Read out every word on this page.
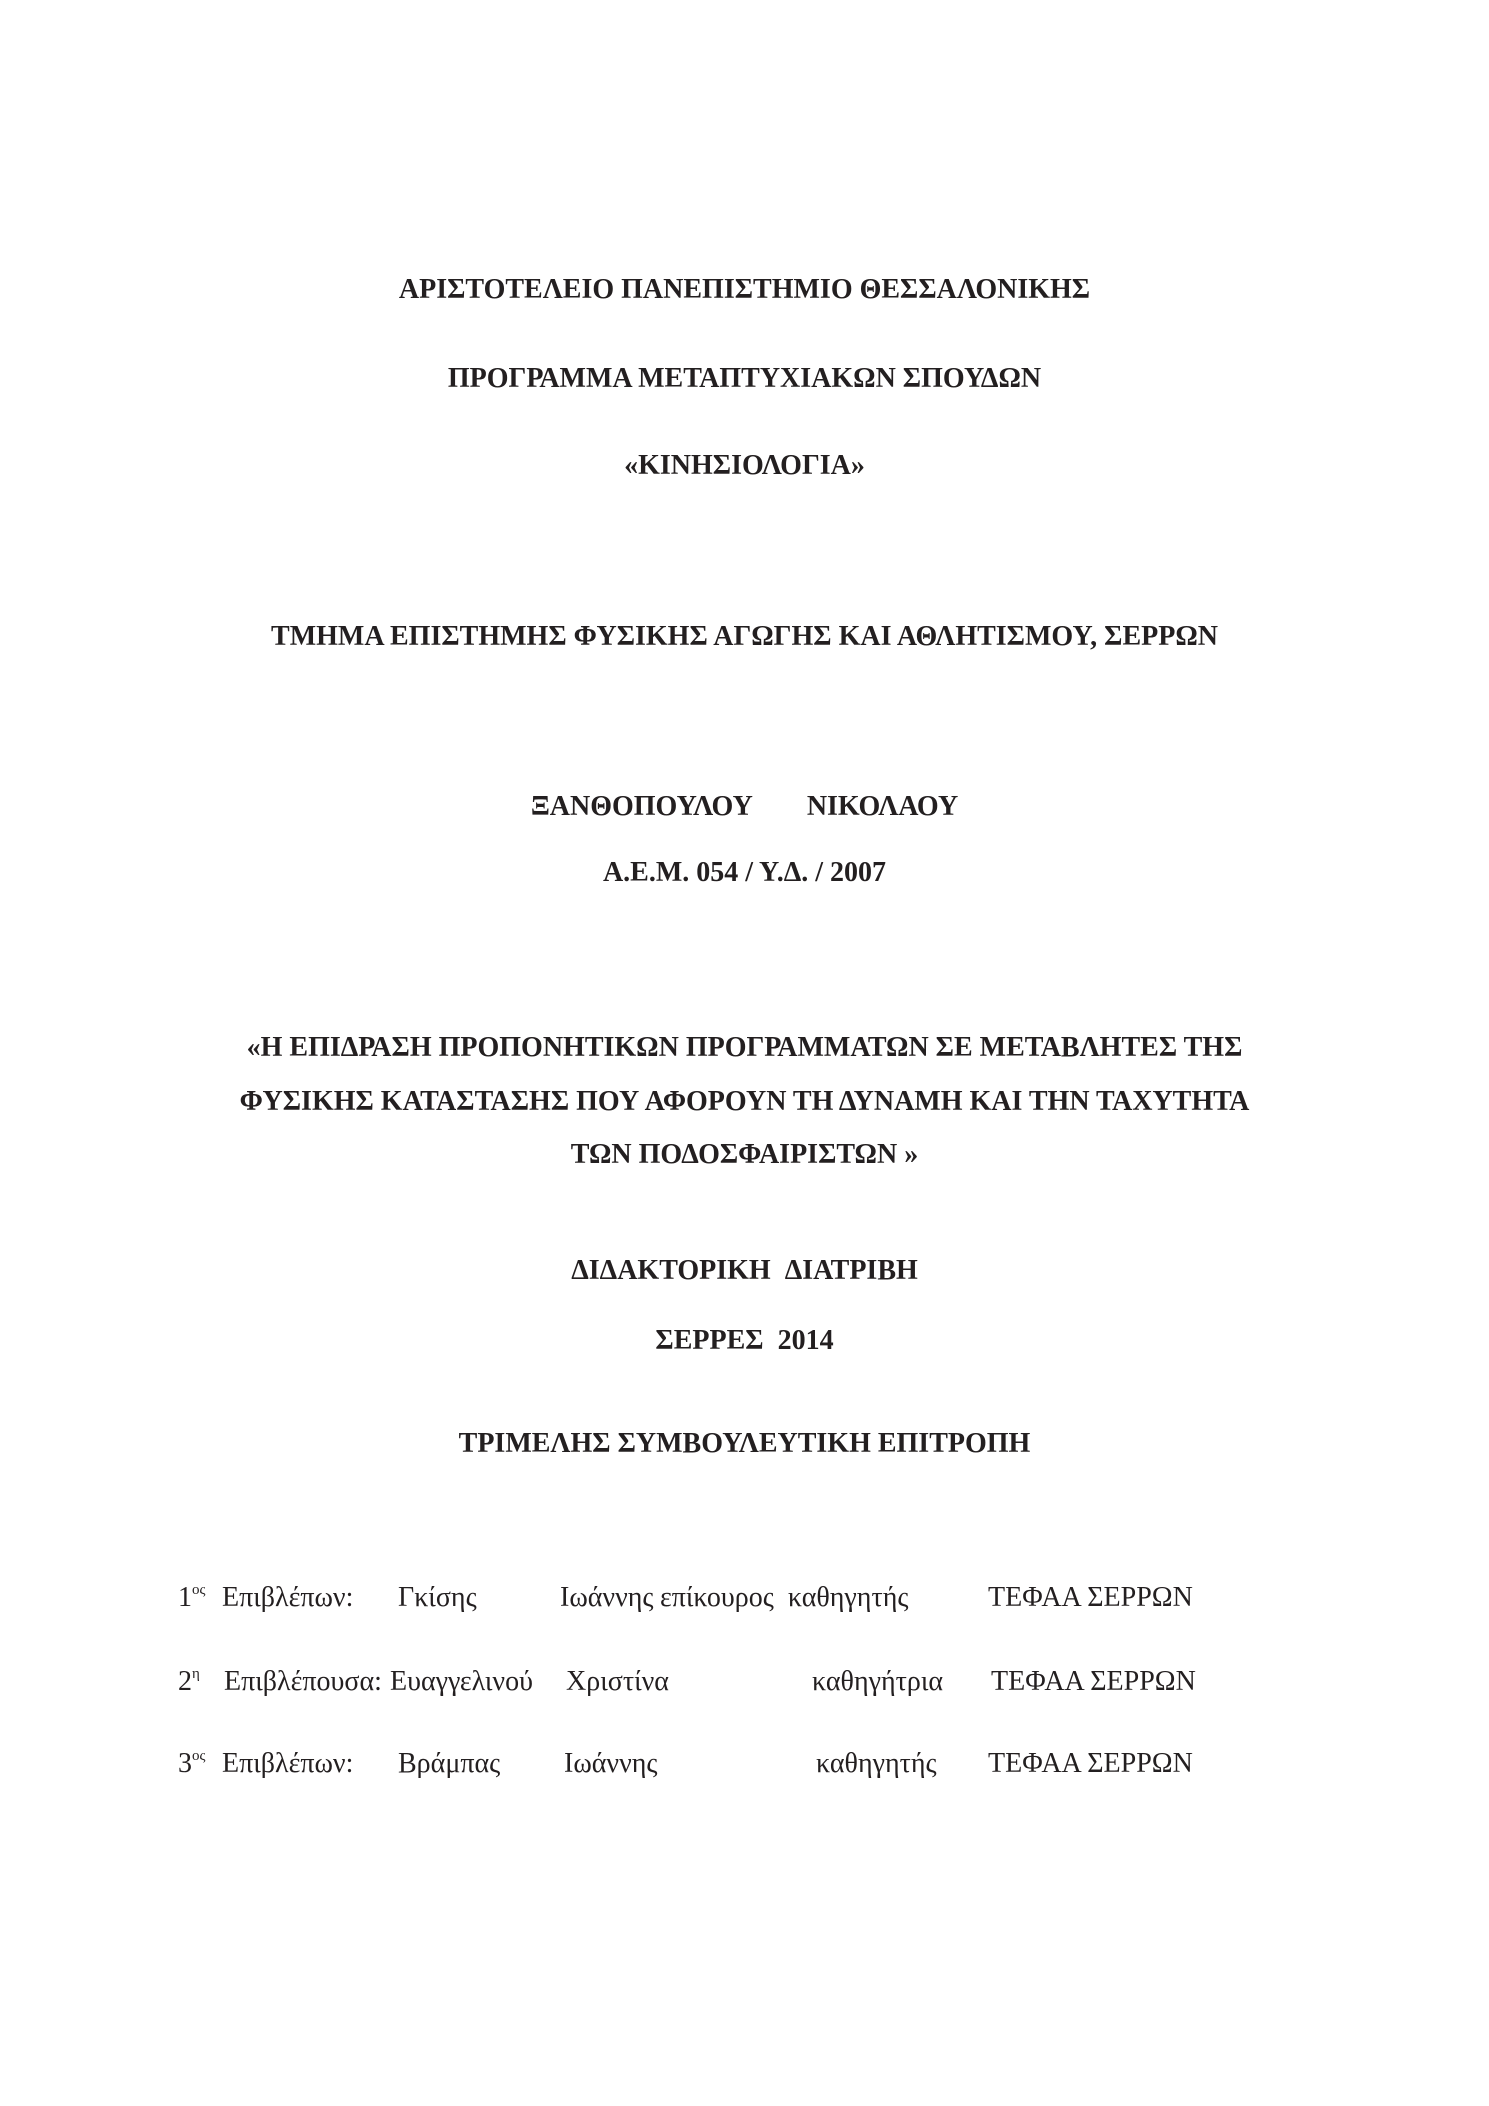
ΑΡΙΣΤΟΤΕΛΕΙΟ ΠΑΝΕΠΙΣΤΗΜΙΟ ΘΕΣΣΑΛΟΝΙΚΗΣ
ΠΡΟΓΡΑΜΜΑ ΜΕΤΑΠΤΥΧΙΑΚΩΝ ΣΠΟΥΔΩΝ
«ΚΙΝΗΣΙΟΛΟΓΙΑ»
ΤΜΗΜΑ ΕΠΙΣΤΗΜΗΣ ΦΥΣΙΚΗΣ ΑΓΩΓΗΣ ΚΑΙ ΑΘΛΗΤΙΣΜΟΥ, ΣΕΡΡΩΝ
ΞΑΝΘΟΠΟΥΛΟΥ ΝΙΚΟΛΑΟΥ
Α.Ε.Μ. 054 / Υ.Δ. / 2007
«Η ΕΠΙΔΡΑΣΗ ΠΡΟΠΟΝΗΤΙΚΩΝ ΠΡΟΓΡΑΜΜΑΤΩΝ ΣΕ ΜΕΤΑΒΛΗΤΕΣ ΤΗΣ
ΦΥΣΙΚΗΣ ΚΑΤΑΣΤΑΣΗΣ ΠΟΥ ΑΦΟΡΟΥΝ ΤΗ ΔΥΝΑΜΗ ΚΑΙ ΤΗΝ ΤΑΧΥΤΗΤΑ
ΤΩΝ ΠΟΔΟΣΦΑΙΡΙΣΤΩΝ »
ΔΙΔΑΚΤΟΡΙΚΗ ΔΙΑΤΡΙΒΗ
ΣΕΡΡΕΣ 2014
ΤΡΙΜΕΛΗΣ ΣΥΜΒΟΥΛΕΥΤΙΚΗ ΕΠΙΤΡΟΠΗ
$1^{o\varsigma}$ Επιβλέπων: Γκίσης	Ιωάννης επίκουρος  καθηγητής	ΤΕΦΑΑ ΣΕΡΡΩΝ
$2^\eta$ Επιβλέπουσα: Ευαγγελινού Χριστίνα	καθηγήτρια ΤΕΦΑΑ ΣΕΡΡΩΝ
$3^{o\varsigma}$ Επιβλέπων: Βράμπας Ιωάννης	καθηγητής ΤΕΦΑΑ ΣΕΡΡΩΝ
